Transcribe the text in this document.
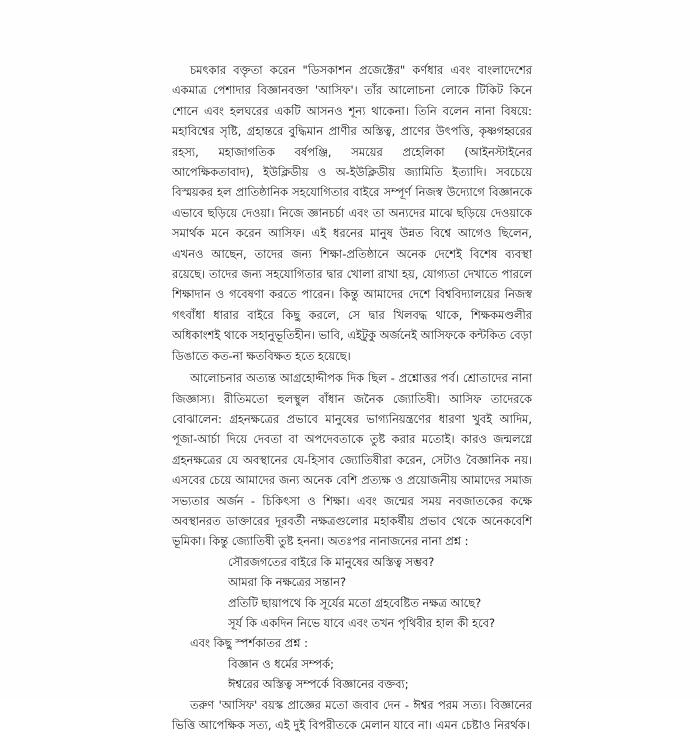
চমৎকার বক্তৃতা করেন "ডিসকাশন প্রজেক্টের" কর্ণধার এবং বাংলাদেশের একমাত্র পেশাদার বিজ্ঞানবক্তা 'আসিফ'। তাঁর আলোচনা লোকে টিকিট কিনে শোনে এবং হলঘরের একটি আসনও শূন্য থাকেনা। তিনি বলেন নানা বিষয়ে: মহাবিশ্বের সৃষ্টি, গ্রহান্তরে বুদ্ধিমান প্রাণীর অস্তিত্ব, প্রাণের উৎপত্তি, কৃষ্ণগহ্বরের রহস্য, মহাজাগতিক বর্ষপঞ্জি, সময়ের প্রহেলিকা (আইনস্টাইনের আপেক্ষিকতাবাদ), ইউক্লিডীয় ও অ-ইউক্লিডীয় জ্যামিতি ইত্যাদি। সবচেয়ে বিস্ময়কর হল প্রাতিষ্ঠানিক সহযোগিতার বাইরে সম্পূর্ণ নিজস্ব উদ্যোগে বিজ্ঞানকে এভাবে ছড়িয়ে দেওয়া। নিজে জ্ঞানচর্চা এবং তা অন্যদের মাঝে ছড়িয়ে দেওয়াকে সমার্থক মনে করেন আসিফ। এই ধরনের মানুষ উন্নত বিশ্বে আগেও ছিলেন, এখনও আছেন, তাদের জন্য শিক্ষা-প্রতিষ্ঠানে অনেক দেশেই বিশেষ ব্যবস্থা রয়েছে। তাদের জন্য সহযোগিতার দ্বার খোলা রাখা হয়, যোগ্যতা দেখাতে পারলে শিক্ষাদান ও গবেষণা করতে পারেন। কিন্তু আমাদের দেশে বিশ্ববিদ্যালয়ের নিজস্ব গৎবাঁধা ধারার বাইরে কিছু করলে, সে দ্বার খিলবদ্ধ থাকে, শিক্ষকমণ্ডলীর অধিকাংশই থাকে সহানুভূতিহীন। ভাবি, এইটুকু অর্জনেই আসিফকে কন্টকিত বেড়া ডিঙাতে কত-না ক্ষতবিক্ষত হতে হয়েছে।

আলোচনার অত্যন্ত আগ্রহোদ্দীপক দিক ছিল - প্রশ্নোত্তর পর্ব। শ্রোতাদের নানা জিজ্ঞাস্য। রীতিমতো হুলস্থুল বাঁধান জনৈক জ্যোতিষী। আসিফ তাদেরকে বোঝালেন: গ্রহনক্ষত্রের প্রভাবে মানুষের ভাগ্যনিয়ন্ত্রণের ধারণা খুবই আদিম, পূজা-আর্চা দিয়ে দেবতা বা অপদেবতাকে তুষ্ট করার মতোই। কারও জন্মলগ্নে গ্রহনক্ষত্রের যে অবস্থানের যে-হিসাব জ্যোতিষীরা করেন, সেটাও বৈজ্ঞানিক নয়। এসবের চেয়ে আমাদের জন্য অনেক বেশি প্রত্যক্ষ ও প্রয়োজনীয় আমাদের সমাজ সভ্যতার অর্জন - চিকিৎসা ও শিক্ষা। এবং জন্মের সময় নবজাতকের কক্ষে অবস্থানরত ডাক্তারের দূরবর্তী নক্ষত্রগুলোর মহাকর্ষীয় প্রভাব থেকে অনেকবেশি ভূমিকা। কিন্তু জ্যোতিষী তুষ্ট হননা। অতঃপর নানাজনের নানা প্রশ্ন :

সৌরজগতের বাইরে কি মানুষের অস্তিত্ব সম্ভব?
আমরা কি নক্ষত্রের সন্তান?
প্রতিটি ছায়াপথে কি সূর্যের মতো গ্রহবেষ্টিত নক্ষত্র আছে?
সূর্য কি একদিন নিভে যাবে এবং তখন পৃথিবীর হাল কী হবে?
এবং কিছু স্পর্শকাতর প্রশ্ন :
বিজ্ঞান ও ধর্মের সম্পর্ক;
ঈশ্বরের অস্তিত্ব সম্পর্কে বিজ্ঞানের বক্তব্য;

তরুণ 'আসিফ' বয়স্ক প্রাজ্ঞের মতো জবাব দেন - ঈশ্বর পরম সত্য। বিজ্ঞানের ভিত্তি আপেক্ষিক সত্য, এই দুই বিপরীতকে মেলান যাবে না। এমন চেষ্টাও নিরর্থক।
